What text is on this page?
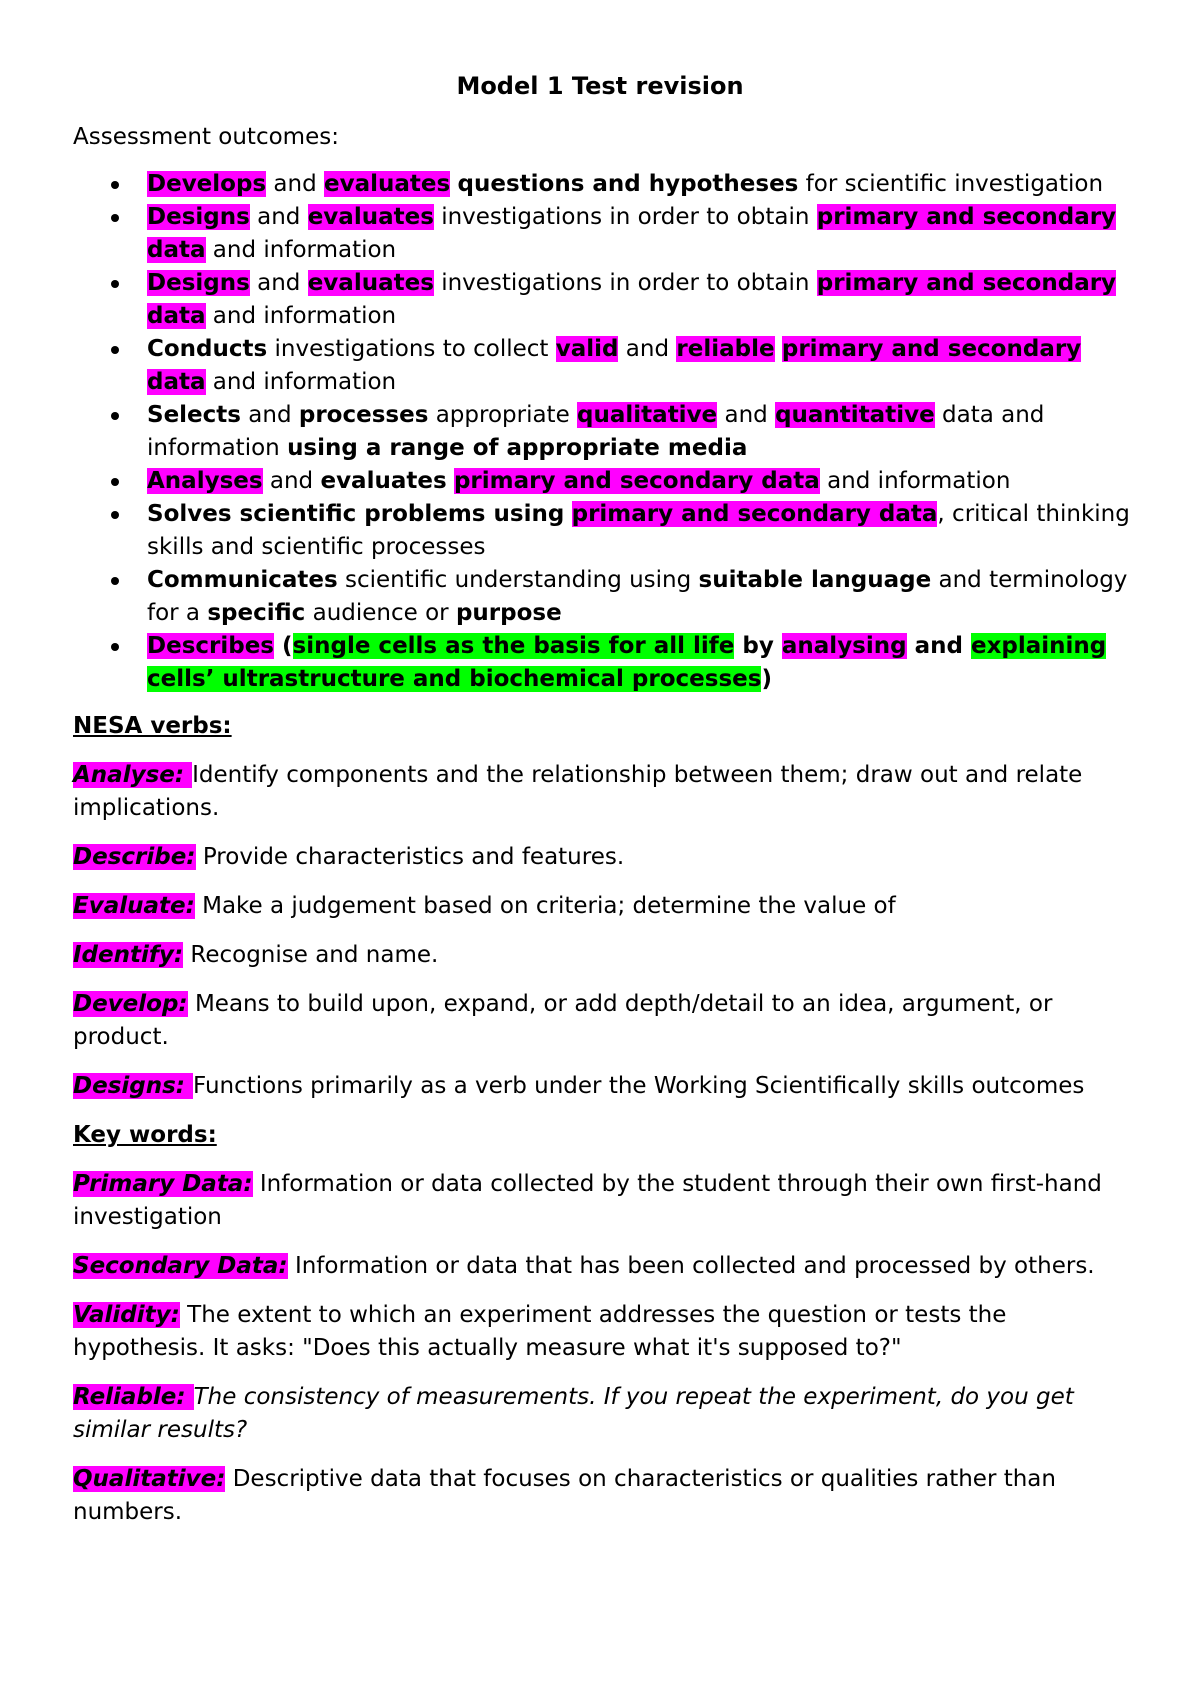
Model 1 Test revision

Assessment outcomes:

Develops and evaluates questions and hypotheses for scientific investigation
Designs and evaluates investigations in order to obtain primary and secondary data and information
Designs and evaluates investigations in order to obtain primary and secondary data and information
Conducts investigations to collect valid and reliable primary and secondary data and information
Selects and processes appropriate qualitative and quantitative data and information using a range of appropriate media
Analyses and evaluates primary and secondary data and information
Solves scientific problems using primary and secondary data, critical thinking skills and scientific processes
Communicates scientific understanding using suitable language and terminology for a specific audience or purpose
Describes (single cells as the basis for all life by analysing and explaining cells’ ultrastructure and biochemical processes)

NESA verbs:

Analyse: Identify components and the relationship between them; draw out and relate implications.

Describe: Provide characteristics and features.

Evaluate: Make a judgement based on criteria; determine the value of

Identify: Recognise and name.

Develop: Means to build upon, expand, or add depth/detail to an idea, argument, or product.

Designs: Functions primarily as a verb under the Working Scientifically skills outcomes

Key words:

Primary Data: Information or data collected by the student through their own first-hand investigation

Secondary Data: Information or data that has been collected and processed by others.

Validity: The extent to which an experiment addresses the question or tests the hypothesis. It asks: "Does this actually measure what it's supposed to?"

Reliable: The consistency of measurements. If you repeat the experiment, do you get similar results?

Qualitative: Descriptive data that focuses on characteristics or qualities rather than numbers.
